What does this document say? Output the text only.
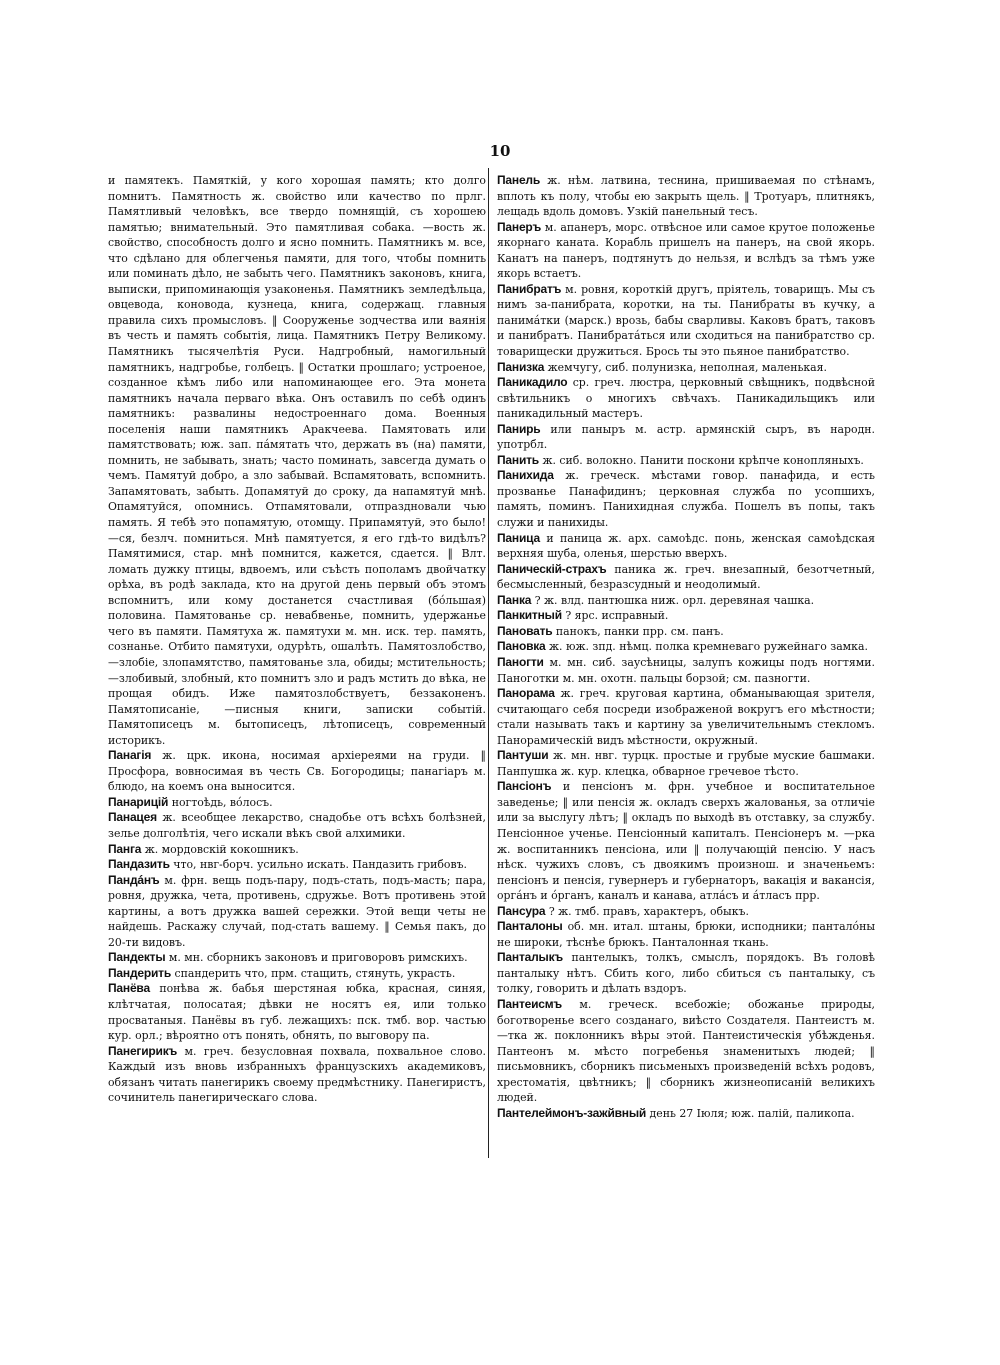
10

и памятекъ. Памяткій, у кого хорошая память; кто долго помнитъ. Памятность ж. свойство или качество по прлг. Памятливый человѣкъ, все твердо помнящій, съ хорошею памятью; внимательный. Это памятливая собака. —вость ж. свойство, способность долго и ясно помнить. Памятникъ м. все, что сдѣлано для облегченья памяти, для того, чтобы помнить или поминать дѣло, не забыть чего. Памятникъ законовъ, книга, выписки, припоминающія узаконенья. Памятникъ земледѣльца, овцевода, коновода, кузнеца, книга, содержащ. главныя правила сихъ промысловъ. ‖ Сооруженье зодчества или ваянія въ честь и память событія, лица. Памятникъ Петру Великому. Памятникъ тысячелѣтія Руси. Надгробный, намогильный памятникъ, надгробье, голбецъ. ‖ Остатки прошлаго; устроеное, созданное кѣмъ либо или напоминающее его. Эта монета памятникъ начала перваго вѣка. Онъ оставилъ по себѣ одинъ памятникъ: развалины недостроеннаго дома. Военныя поселенія наши памятникъ Аракчеева. Памятовать или памятствовать; юж. зап. пáмятать что, держать въ (на) памяти, помнить, не забывать, знать; часто поминать, завсегда думать о чемъ. Памятуй добро, а зло забывай. Вспамятовать, вспомнить. Запамятовать, забыть. Допамятуй до сроку, да напамятуй мнѣ. Опамятуйся, опомнись. Отпамятовали, отпраздновали чью память. Я тебѣ это попамятую, отомщу. Припамятуй, это было! —ся, безлч. помниться. Мнѣ памятуется, я его гдѣ-то видѣлъ? Памятимися, стар. мнѣ помнится, кажется, сдается. ‖ Влт. ломать дужку птицы, вдвоемъ, или съѣсть пополамъ двойчатку орѣха, въ родѣ заклада, кто на другой день первый объ этомъ вспомнитъ, или кому достанется счастливая (бóльшая) половина. Памятованье ср. невабвенье, помнить, удержанье чего въ памяти. Памятуха ж. памятухи м. мн. иск. тер. память, сознанье. Отбито памятухи, одурѣть, ошалѣть. Памятозлобство, —злобіе, злопамятство, памятованье зла, обиды; мстительность; —злобивый, злобный, кто помнитъ зло и радъ мстить до вѣка, не прощая обидъ. Иже памятозлобствуетъ, беззаконенъ. Памятописаніе, —писныя книги, записки событій. Памятописецъ м. бытописецъ, лѣтописецъ, современный историкъ.

Панагія ж. црк. икона, носимая архіереями на груди. ‖ Просфора, вовносимая въ честь Св. Богородицы; панагіаръ м. блюдо, на коемъ она выносится.

Панарицій ногтоѣдь, вóлосъ.

Панацея ж. всеобщее лекарство, снадобье отъ всѣхъ болѣзней, зелье долголѣтія, чего искали вѣкъ свой алхимики.

Панга ж. мордовскій кокошникъ.

Пандазить что, нвг-борч. усильно искать. Пандазить грибовъ.

Пандáнъ м. фрн. вещь подъ-пару, подъ-стать, подъ-масть; пара, ровня, дружка, чета, противень, сдружье. Вотъ противень этой картины, а вотъ дружка вашей сережки. Этой вещи четы не найдешь. Раскажу случай, под-стать вашему. ‖ Семья пакъ, до 20-ти видовъ.

Пандекты м. мн. сборникъ законовъ и приговоровъ римскихъ.

Пандерить спандерить что, прм. стащить, стянуть, украсть.

Панёва понѣва ж. бабья шерстяная юбка, красная, синяя, клѣтчатая, полосатая; дѣвки не носятъ ея, или только просватаныя. Панёвы въ губ. лежащихъ: пск. тмб. вор. частью кур. орл.; вѣроятно отъ понять, обнять, по выговору па.

Панегирикъ м. греч. безусловная похвала, похвальное слово. Каждый изъ вновь избранныхъ французскихъ академиковъ, обязанъ читать панегирикъ своему предмѣстнику. Панегиристъ, сочинитель панегирическаго слова.

Панель ж. нѣм. латвина, теснина, пришиваемая по стѣнамъ, вплоть къ полу, чтобы ею закрыть щель. ‖ Тротуаръ, плитнякъ, лещадь вдоль домовъ. Узкій панельный тесъ.

Панеръ м. апанеръ, морс. отвѣсное или самое крутое положенье якорнаго каната. Корабль пришелъ на панеръ, на свой якорь. Канатъ на панеръ, подтянутъ до нельзя, и вслѣдъ за тѣмъ уже якорь встаетъ.

Панибратъ м. ровня, короткій другъ, пріятель, товарищъ. Мы съ нимъ за-панибрата, коротки, на ты. Панибраты въ кучку, а панимáтки (марск.) врозь, бабы сварливы. Каковъ братъ, таковъ и панибратъ. Панибратáться или сходиться на панибратство ср. товарищески дружиться. Брось ты это пьяное панибратство.

Панизка жемчугу, сиб. полунизка, неполная, маленькая.

Паникадило ср. греч. люстра, церковный свѣщникъ, подвѣсной свѣтильникъ о многихъ свѣчахъ. Паникадильщикъ или паникадильный мастеръ.

Панирь или паныръ м. астр. армянскій сыръ, въ народн. употрбл.

Панить ж. сиб. волокно. Панити поскони крѣпче конопляныхъ.

Панихида ж. греческ. мѣстами говор. панафида, и есть прозванье Панафидинъ; церковная служба по усопшихъ, память, поминъ. Панихидная служба. Пошелъ въ попы, такъ служи и панихиды.

Паница и паница ж. арх. самоѣдс. понь, женская самоѣдская верхняя шуба, оленья, шерстью вверхъ.

Паническій-страхъ паника ж. греч. внезапный, безотчетный, бесмысленный, безразсудный и неодолимый.

Панка ? ж. влд. пантюшка ниж. орл. деревяная чашка.

Панкитный ? ярс. исправный.

Пановать панокъ, панки прр. см. панъ.

Пановка ж. юж. зпд. нѣмц. полка кремневаго ружейнаго замка.

Паногти м. мн. сиб. заусѣницы, залупъ кожицы подъ ногтями. Паноготки м. мн. охотн. пальцы борзой; см. пазногти.

Панорама ж. греч. круговая картина, обманывающая зрителя, считающаго себя посреди изображеной вокругъ его мѣстности; стали называть такъ и картину за увеличительнымъ стекломъ. Панорамическій видъ мѣстности, окружный.

Пантуши ж. мн. нвг. турцк. простые и грубые муские башмаки. Панпушка ж. кур. клецка, обварное гречевое тѣсто.

Пансіонъ и пенсіонъ м. фрн. учебное и воспитательное заведенье; ‖ или пенсія ж. окладъ сверхъ жалованья, за отличіе или за выслугу лѣтъ; ‖ окладъ по выходѣ въ отставку, за службу. Пенсіонное ученье. Пенсіонный капиталъ. Пенсіонеръ м. —рка ж. воспитанникъ пенсіона, или ‖ получающій пенсію. У насъ нѣск. чужихъ словъ, съ двоякимъ произнош. и значеньемъ: пенсіонъ и пенсія, гувернеръ и губернаторъ, вакація и вакансія, оргáнъ и óрганъ, каналъ и канава, атлáсъ и áтласъ прр.

Пансура ? ж. тмб. правъ, характеръ, обыкъ.

Панталоны об. мн. итал. штаны, брюки, исподники; панталóны не широки, тѣснѣе брюкъ. Панталонная ткань.

Панталыкъ пантелыкъ, толкъ, смыслъ, порядокъ. Въ головѣ панталыку нѣтъ. Сбить кого, либо сбиться съ панталыку, съ толку, говорить и дѣлать вздоръ.

Пантеисмъ м. греческ. всебожіе; обожанье природы, боготворенье всего созданаго, виѣсто Создателя. Пантеистъ м. —тка ж. поклонникъ вѣры этой. Пантеистическія убѣжденья. Пантеонъ м. мѣсто погребенья знаменитыхъ людей; ‖ письмовникъ, сборникъ письменыхъ произведеній всѣхъ родовъ, хрестоматія, цвѣтникъ; ‖ сборникъ жизнеописаній великихъ людей.

Пантелеймонъ-зажйвный день 27 Іюля; юж. палій, паликопа.
